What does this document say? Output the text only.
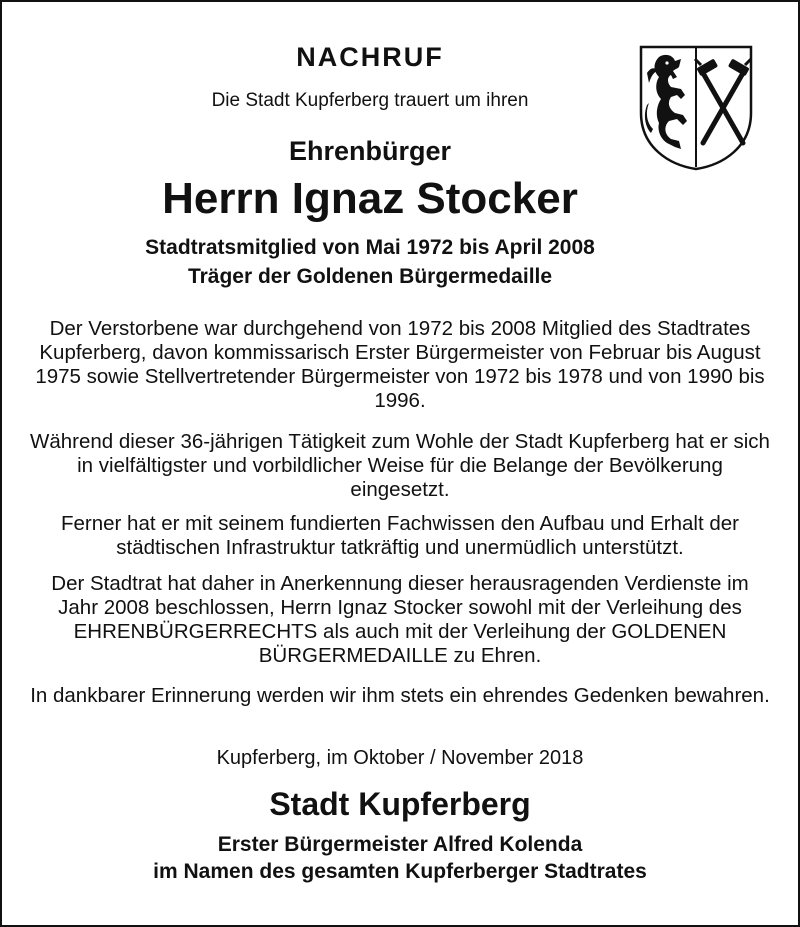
NACHRUF
Die Stadt Kupferberg trauert um ihren
Ehrenbürger
Herrn Ignaz Stocker
Stadtratsmitglied von Mai 1972 bis April 2008
Träger der Goldenen Bürgermedaille
Der Verstorbene war durchgehend von 1972 bis 2008 Mitglied des Stadtrates Kupferberg, davon kommissarisch Erster Bürgermeister von Februar bis August 1975 sowie Stellvertretender Bürgermeister von 1972 bis 1978 und von 1990 bis 1996.
Während dieser 36-jährigen Tätigkeit zum Wohle der Stadt Kupferberg hat er sich in vielfältigster und vorbildlicher Weise für die Belange der Bevölkerung eingesetzt.
Ferner hat er mit seinem fundierten Fachwissen den Aufbau und Erhalt der städtischen Infrastruktur tatkräftig und unermüdlich unterstützt.
Der Stadtrat hat daher in Anerkennung dieser herausragenden Verdienste im Jahr 2008 beschlossen, Herrn Ignaz Stocker sowohl mit der Verleihung des EHRENBÜRGERRECHTS als auch mit der Verleihung der GOLDENEN BÜRGERMEDAILLE zu Ehren.
In dankbarer Erinnerung werden wir ihm stets ein ehrendes Gedenken bewahren.
Kupferberg, im Oktober / November 2018
Stadt Kupferberg
Erster Bürgermeister Alfred Kolenda
im Namen des gesamten Kupferberger Stadtrates
